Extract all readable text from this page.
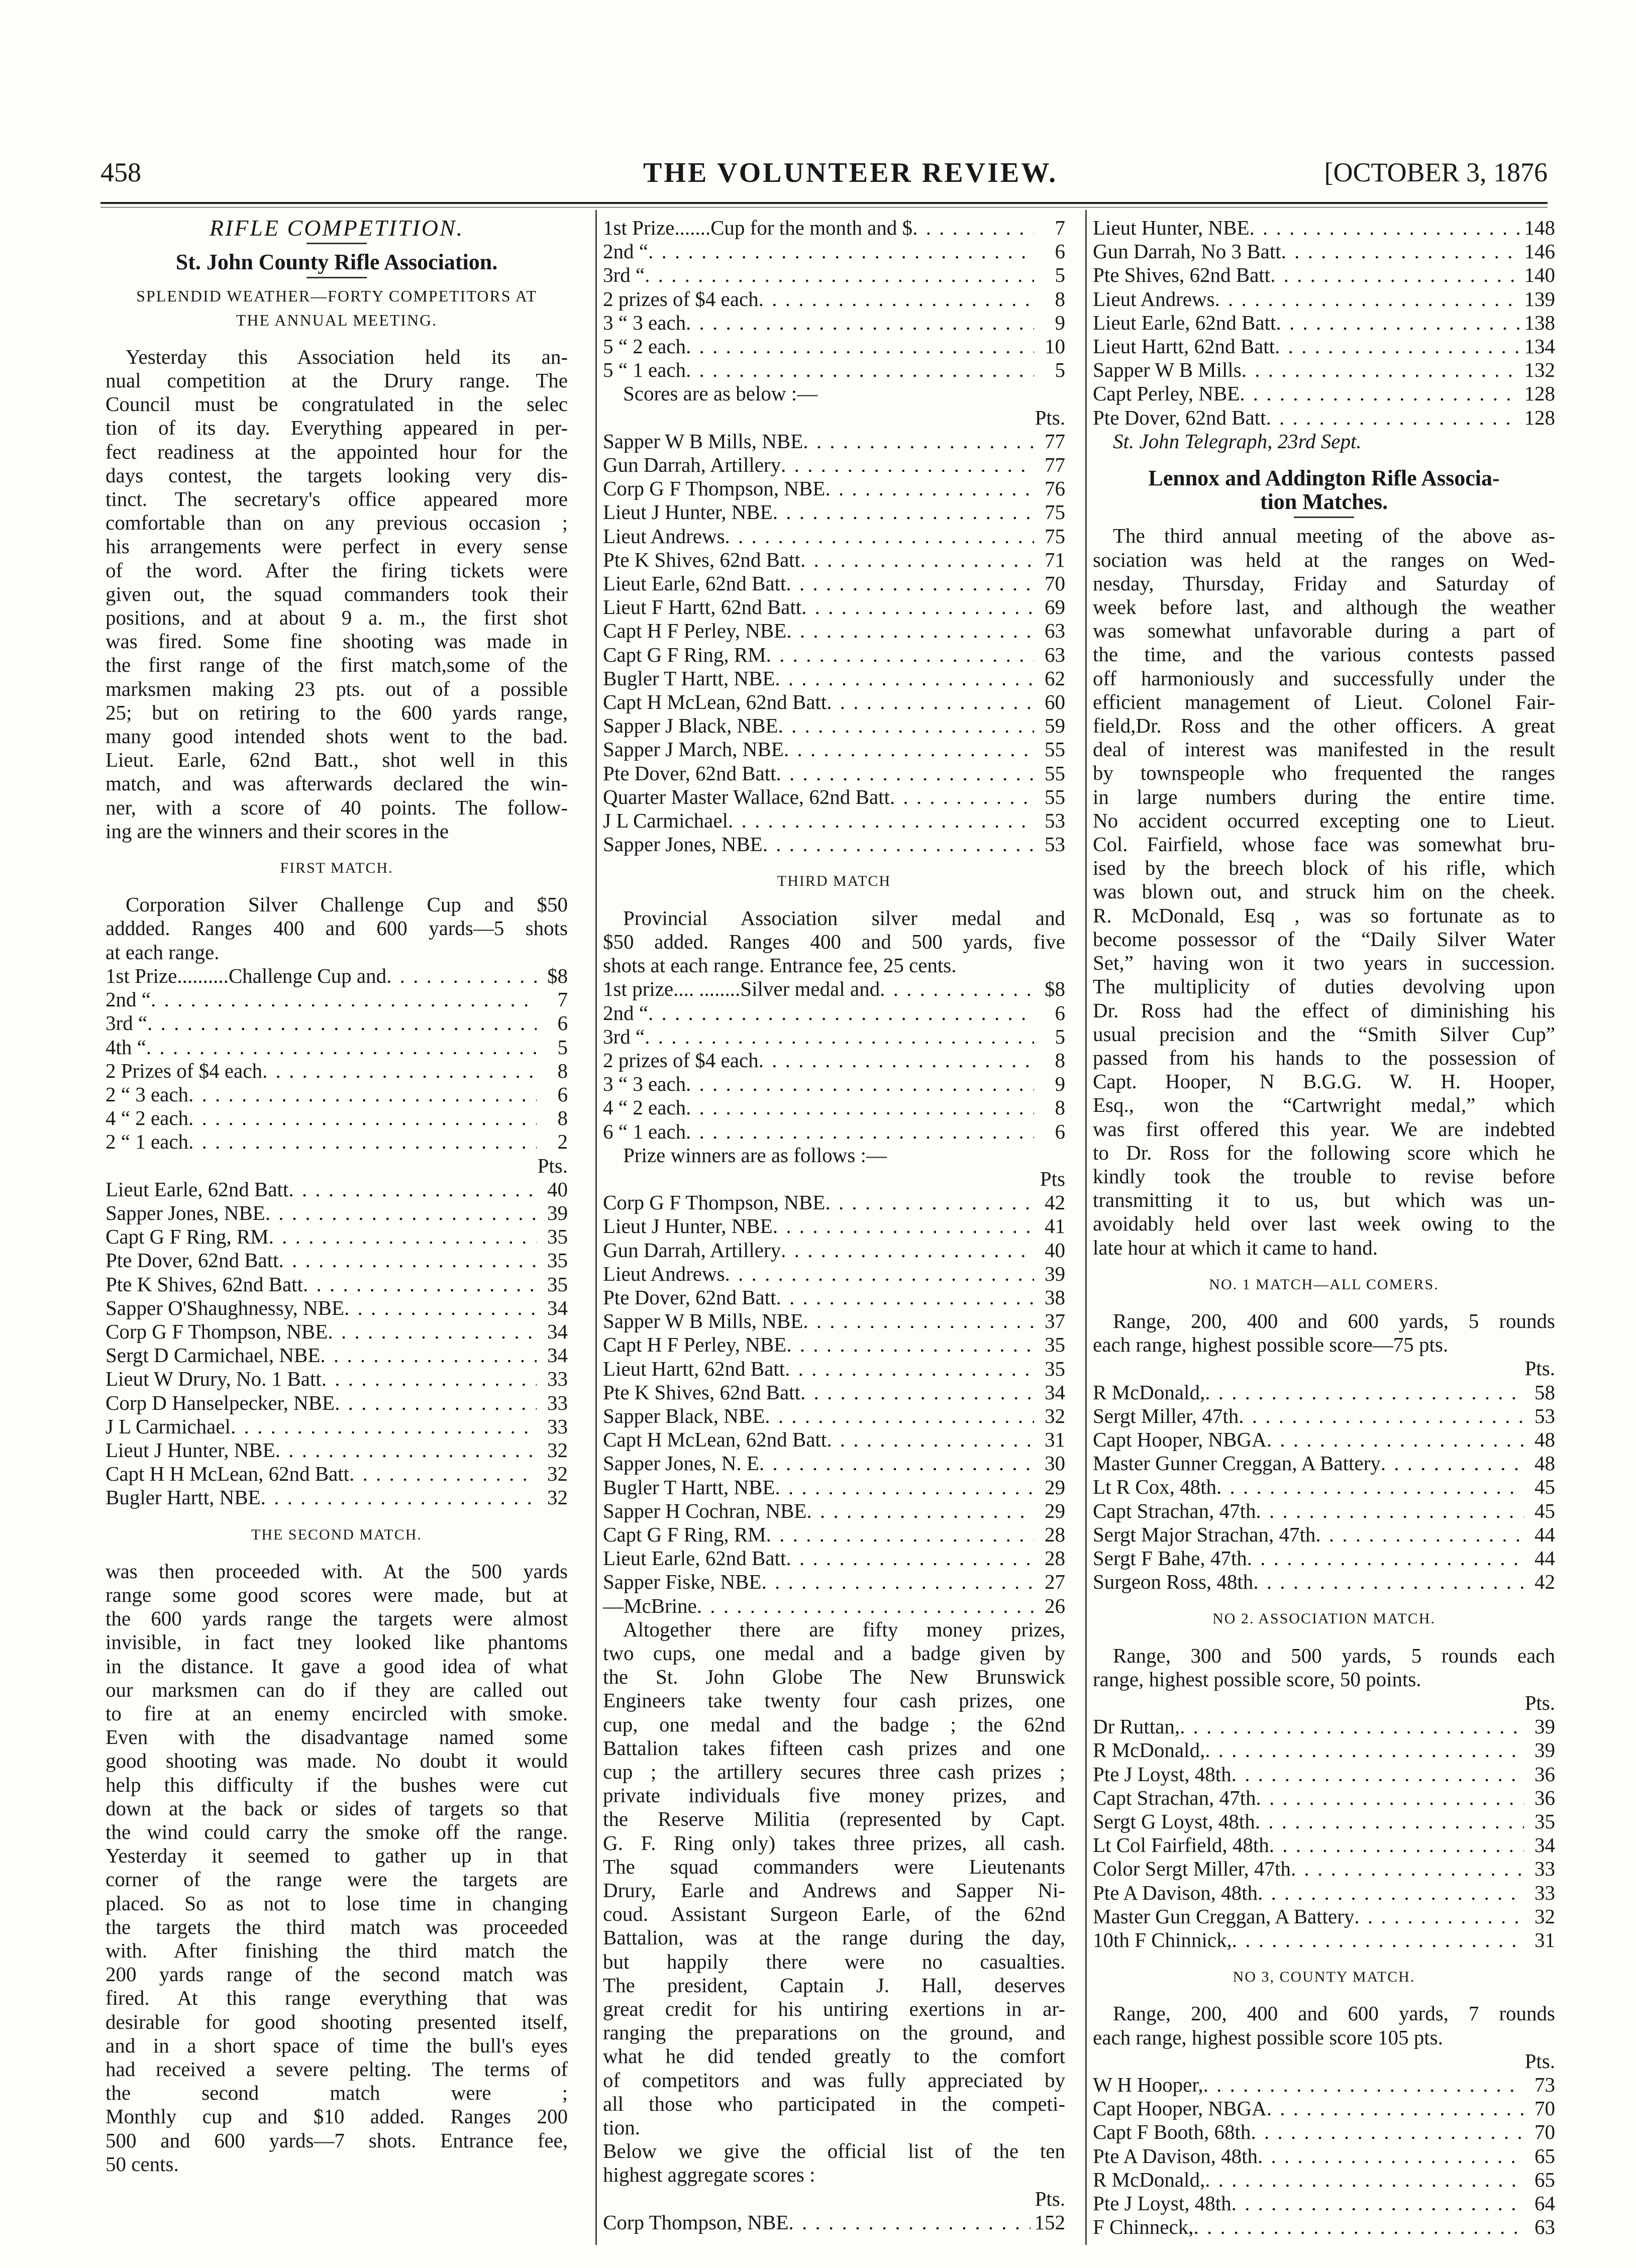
458	THE VOLUNTEER REVIEW.	[OCTOBER 3, 1876
RIFLE COMPETITION.
St. John County Rifle Association.
SPLENDID WEATHER—FORTY COMPETITORS AT
THE ANNUAL MEETING.
Yesterday this Association held its an-
nual competition at the Drury range. The
Council must be congratulated in the selec
tion of its day. Everything appeared in per-
fect readiness at the appointed hour for the
days contest, the targets looking very dis-
tinct. The secretary's office appeared more
comfortable than on any previous occasion ;
his arrangements were perfect in every sense
of the word. After the firing tickets were
given out, the squad commanders took their
positions, and at about 9 a. m., the first shot
was fired. Some fine shooting was made in
the first range of the first match,some of the
marksmen making 23 pts. out of a possible
25; but on retiring to the 600 yards range,
many good intended shots went to the bad.
Lieut. Earle, 62nd Batt., shot well in this
match, and was afterwards declared the win-
ner, with a score of 40 points. The follow-
ing are the winners and their scores in the
FIRST MATCH.
Corporation Silver Challenge Cup and $50
addded. Ranges 400 and 600 yards—5 shots
at each range.
1st Prize..........Challenge Cup and . . .	$8
2nd “ . . .	7
3rd “ . . .	6
4th “ . . .	5
2 Prizes of $4 each . . .	8
2 “ 3 each . . .	6
4 “ 2 each . . .	8
2 “ 1 each . . .	2
Pts.
Lieut Earle, 62nd Batt . . .	40
Sapper Jones, NBE . . .	39
Capt G F Ring, RM . . .	35
Pte Dover, 62nd Batt . . .	35
Pte K Shives, 62nd Batt . . .	35
Sapper O'Shaughnessy, NBE . . .	34
Corp G F Thompson, NBE . . .	34
Sergt D Carmichael, NBE . . .	34
Lieut W Drury, No. 1 Batt . . .	33
Corp D Hanselpecker, NBE . . .	33
J L Carmichael . . .	33
Lieut J Hunter, NBE . . .	32
Capt H H McLean, 62nd Batt . . .	32
Bugler Hartt, NBE . . .	32
THE SECOND MATCH.
was then proceeded with. At the 500 yards
range some good scores were made, but at
the 600 yards range the targets were almost
invisible, in fact tney looked like phantoms
in the distance. It gave a good idea of what
our marksmen can do if they are called out
to fire at an enemy encircled with smoke.
Even with the disadvantage named some
good shooting was made. No doubt it would
help this difficulty if the bushes were cut
down at the back or sides of targets so that
the wind could carry the smoke off the range.
Yesterday it seemed to gather up in that
corner of the range were the targets are
placed. So as not to lose time in changing
the targets the third match was proceeded
with. After finishing the third match the
200 yards range of the second match was
fired. At this range everything that was
desirable for good shooting presented itself,
and in a short space of time the bull's eyes
had received a severe pelting. The terms of
the second match were ;
Monthly cup and $10 added. Ranges 200
500 and 600 yards—7 shots. Entrance fee,
50 cents.
1st Prize.......Cup for the month and $ . . .	7
2nd “ . . .	6
3rd “ . . .	5
2 prizes of $4 each . . .	8
3 “ 3 each . . .	9
5 “ 2 each . . .	10
5 “ 1 each . . .	5
Scores are as below :—
Pts.
Sapper W B Mills, NBE . . .	77
Gun Darrah, Artillery . . .	77
Corp G F Thompson, NBE . . .	76
Lieut J Hunter, NBE . . .	75
Lieut Andrews . . .	75
Pte K Shives, 62nd Batt . . .	71
Lieut Earle, 62nd Batt . . .	70
Lieut F Hartt, 62nd Batt . . .	69
Capt H F Perley, NBE . . .	63
Capt G F Ring, RM . . .	63
Bugler T Hartt, NBE . . .	62
Capt H McLean, 62nd Batt . . .	60
Sapper J Black, NBE . . .	59
Sapper J March, NBE . . .	55
Pte Dover, 62nd Batt . . .	55
Quarter Master Wallace, 62nd Batt . . .	55
J L Carmichael . . .	53
Sapper Jones, NBE . . .	53
THIRD MATCH
Provincial Association silver medal and
$50 added. Ranges 400 and 500 yards, five
shots at each range. Entrance fee, 25 cents.
1st prize.... ........Silver medal and . . .	$8
2nd “ . . .	6
3rd “ . . .	5
2 prizes of $4 each . . .	8
3 “ 3 each . . .	9
4 “ 2 each . . .	8
6 “ 1 each . . .	6
Prize winners are as follows :—
Pts
Corp G F Thompson, NBE . . .	42
Lieut J Hunter, NBE . . .	41
Gun Darrah, Artillery . . .	40
Lieut Andrews . . .	39
Pte Dover, 62nd Batt . . .	38
Sapper W B Mills, NBE . . .	37
Capt H F Perley, NBE . . .	35
Lieut Hartt, 62nd Batt . . .	35
Pte K Shives, 62nd Batt . . .	34
Sapper Black, NBE . . .	32
Capt H McLean, 62nd Batt . . .	31
Sapper Jones, N. E . . .	30
Bugler T Hartt, NBE . . .	29
Sapper H Cochran, NBE . . .	29
Capt G F Ring, RM . . .	28
Lieut Earle, 62nd Batt . . .	28
Sapper Fiske, NBE . . .	27
—McBrine . . .	26
Altogether there are fifty money prizes,
two cups, one medal and a badge given by
the St. John Globe The New Brunswick
Engineers take twenty four cash prizes, one
cup, one medal and the badge ; the 62nd
Battalion takes fifteen cash prizes and one
cup ; the artillery secures three cash prizes ;
private individuals five money prizes, and
the Reserve Militia (represented by Capt.
G. F. Ring only) takes three prizes, all cash.
The squad commanders were Lieutenants
Drury, Earle and Andrews and Sapper Ni-
coud. Assistant Surgeon Earle, of the 62nd
Battalion, was at the range during the day,
but happily there were no casualties.
The president, Captain J. Hall, deserves
great credit for his untiring exertions in ar-
ranging the preparations on the ground, and
what he did tended greatly to the comfort
of competitors and was fully appreciated by
all those who participated in the competi-
tion.
Below we give the official list of the ten
highest aggregate scores :
Pts.
Corp Thompson, NBE . . .	152
Lieut Hunter, NBE . . .	148
Gun Darrah, No 3 Batt . . .	146
Pte Shives, 62nd Batt . . .	140
Lieut Andrews . . .	139
Lieut Earle, 62nd Batt . . .	138
Lieut Hartt, 62nd Batt . . .	134
Sapper W B Mills . . .	132
Capt Perley, NBE . . .	128
Pte Dover, 62nd Batt . . .	128
St. John Telegraph, 23rd Sept.
Lennox and Addington Rifle Associa-
tion Matches.
The third annual meeting of the above as-
sociation was held at the ranges on Wed-
nesday, Thursday, Friday and Saturday of
week before last, and although the weather
was somewhat unfavorable during a part of
the time, and the various contests passed
off harmoniously and successfully under the
efficient management of Lieut. Colonel Fair-
field,Dr. Ross and the other officers. A great
deal of interest was manifested in the result
by townspeople who frequented the ranges
in large numbers during the entire time.
No accident occurred excepting one to Lieut.
Col. Fairfield, whose face was somewhat bru-
ised by the breech block of his rifle, which
was blown out, and struck him on the cheek.
R. McDonald, Esq , was so fortunate as to
become possessor of the “Daily Silver Water
Set,” having won it two years in succession.
The multiplicity of duties devolving upon
Dr. Ross had the effect of diminishing his
usual precision and the “Smith Silver Cup”
passed from his hands to the possession of
Capt. Hooper, N B.G.G. W. H. Hooper,
Esq., won the “Cartwright medal,” which
was first offered this year. We are indebted
to Dr. Ross for the following score which he
kindly took the trouble to revise before
transmitting it to us, but which was un-
avoidably held over last week owing to the
late hour at which it came to hand.
NO. 1 MATCH—ALL COMERS.
Range, 200, 400 and 600 yards, 5 rounds
each range, highest possible score—75 pts.
Pts.
R McDonald, . . .	58
Sergt Miller, 47th . . .	53
Capt Hooper, NBGA . . .	48
Master Gunner Creggan, A Battery . . .	48
Lt R Cox, 48th . . .	45
Capt Strachan, 47th . . .	45
Sergt Major Strachan, 47th . . .	44
Sergt F Bahe, 47th . . .	44
Surgeon Ross, 48th . . .	42
NO 2. ASSOCIATION MATCH.
Range, 300 and 500 yards, 5 rounds each
range, highest possible score, 50 points.
Pts.
Dr Ruttan, . . .	39
R McDonald, . . .	39
Pte J Loyst, 48th . . .	36
Capt Strachan, 47th . . .	36
Sergt G Loyst, 48th . . .	35
Lt Col Fairfield, 48th . . .	34
Color Sergt Miller, 47th . . .	33
Pte A Davison, 48th . . .	33
Master Gun Creggan, A Battery . . .	32
10th F Chinnick, . . .	31
NO 3, COUNTY MATCH.
Range, 200, 400 and 600 yards, 7 rounds
each range, highest possible score 105 pts.
Pts.
W H Hooper, . . .	73
Capt Hooper, NBGA . . .	70
Capt F Booth, 68th . . .	70
Pte A Davison, 48th . . .	65
R McDonald, . . .	65
Pte J Loyst, 48th . . .	64
F Chinneck, . . .	63
